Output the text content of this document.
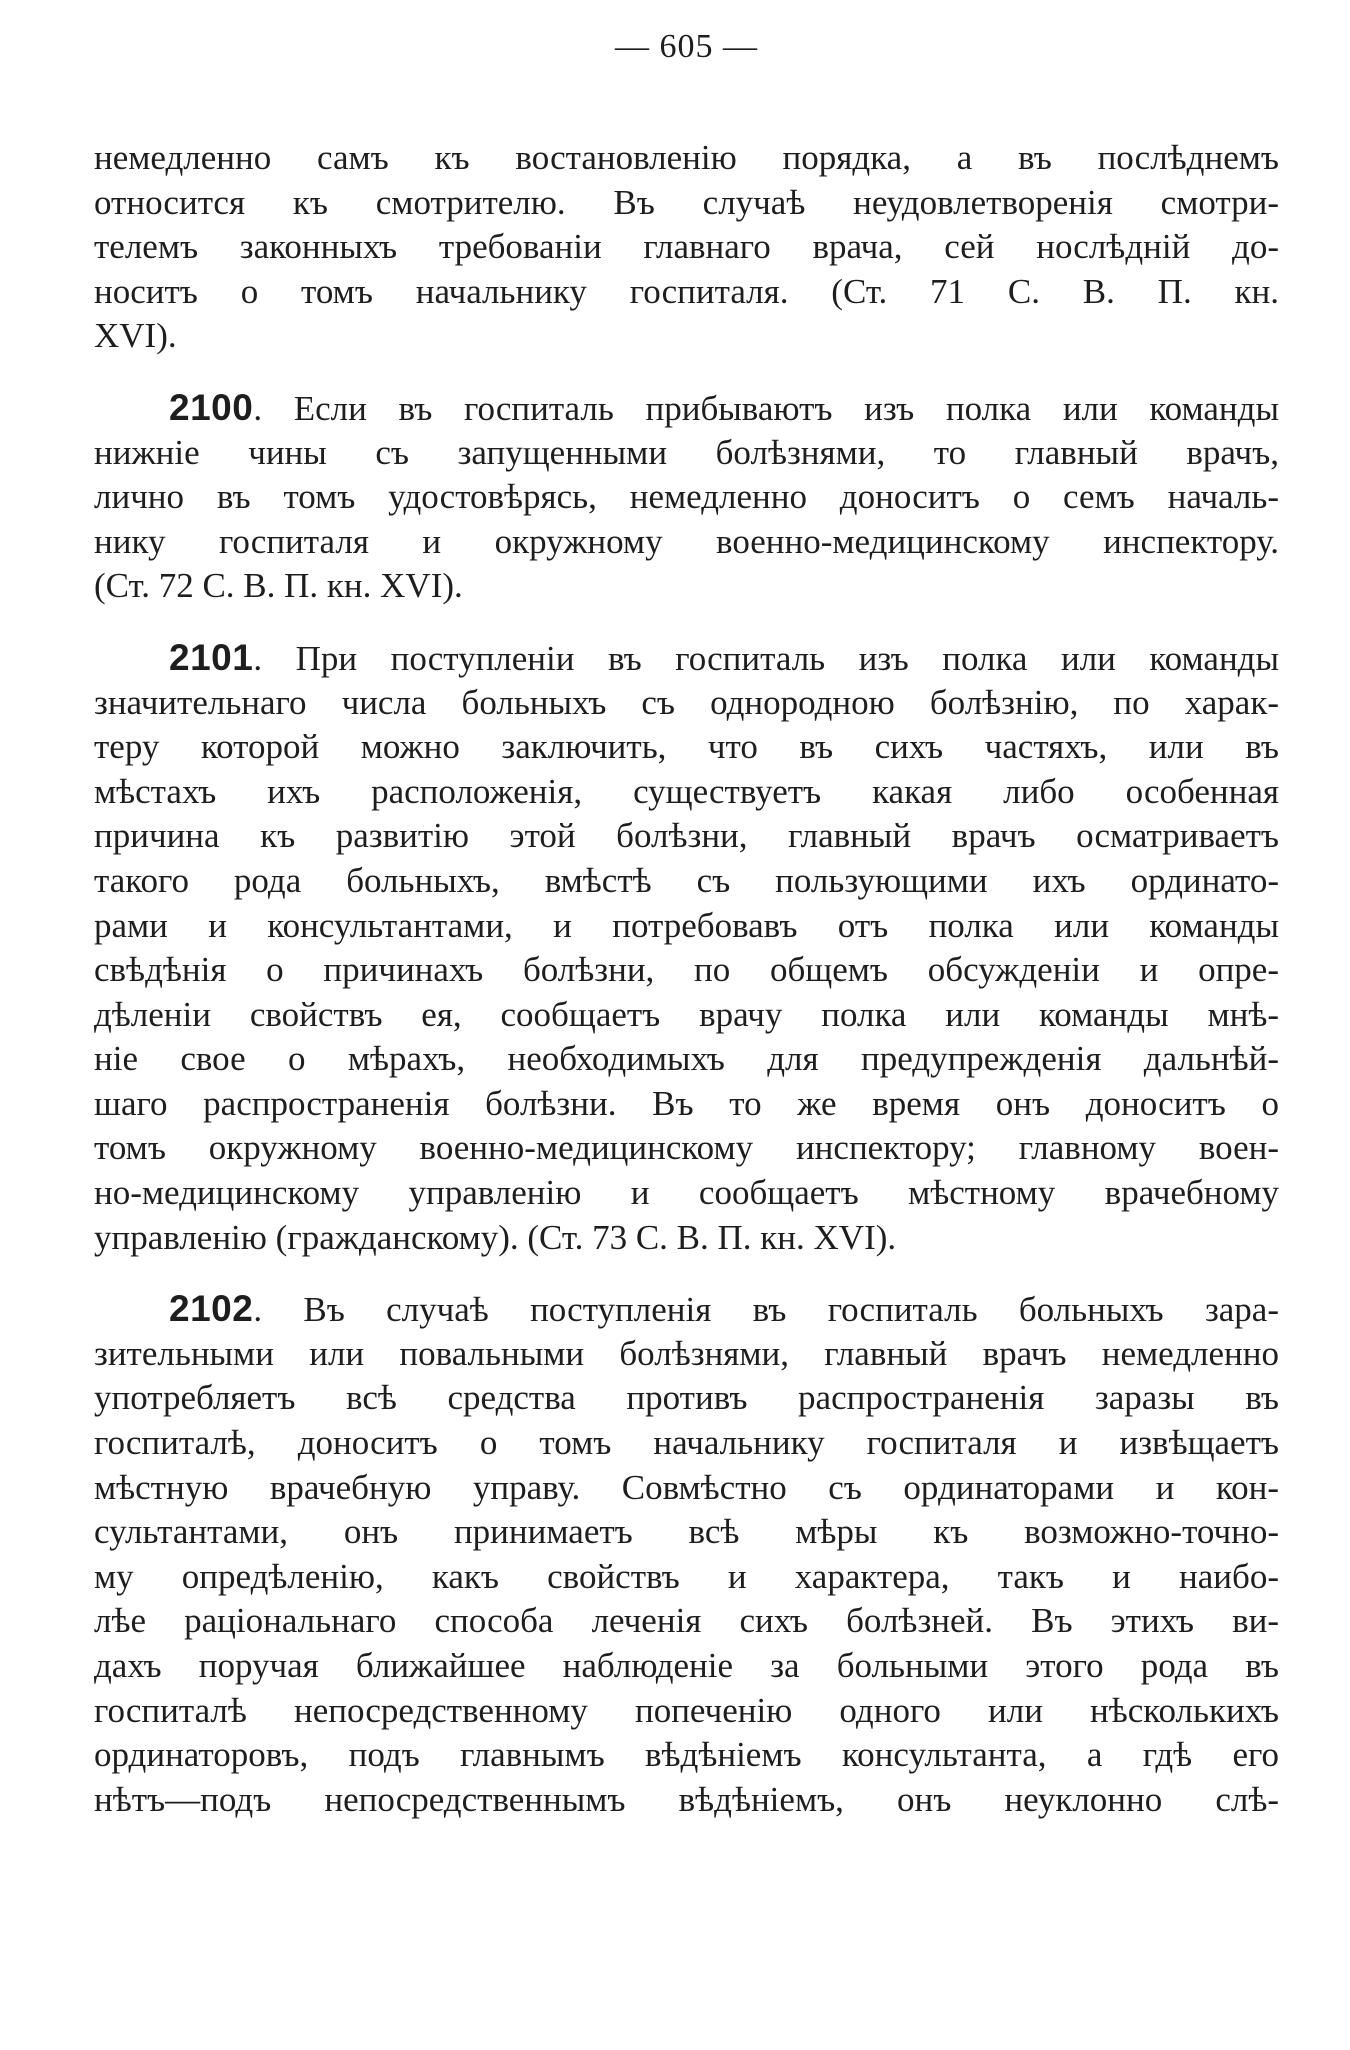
— 605 —
немедленно самъ къ востановленію порядка, а въ послѣднемъ
относится къ смотрителю. Въ случаѣ неудовлетворенія смотри-
телемъ законныхъ требованіи главнаго врача, сей нослѣднiй до-
ноcитъ о томъ начальнику госпиталя. (Ст. 71 С. В. П. кн.
XVI).
2100. Если въ госпиталь прибываютъ изъ полка или команды
нижніе чины съ запущенными болѣзнями, то главный врачъ,
лично въ томъ удостовѣрясь, немедленно доноситъ о семъ началь-
нику госпиталя и окружному военно-медицинскому инспектору.
(Ст. 72 С. В. П. кн. XVI).
2101. При поступленіи въ госпиталь изъ полка или команды
значительнаго числа больныхъ съ однородною болѣзнію, по харак-
теру которой можно заключить, что въ сихъ частяхъ, или въ
мѣстахъ ихъ расположенія, существуетъ какая либо особенная
причина къ развитію этой болѣзни, главный врачъ осматриваетъ
такого рода больныхъ, вмѣстѣ съ пользующими ихъ ординато-
рами и консультантами, и потребовавъ отъ полка или команды
свѣдѣнія о причинахъ болѣзни, по общемъ обсужденіи и опре-
дѣленіи свойствъ ея, сообщаетъ врачу полка или команды мнѣ-
ніе свое о мѣрахъ, необходимыхъ для предупрежденія дальнѣй-
шаго распространенія болѣзни. Въ то же время онъ доноситъ о
томъ окружному военно-медицинскому инспектору; главному воен-
но-медицинскому управленію и сообщаетъ мѣстному врачебному
управленію (гражданскому). (Ст. 73 С. В. П. кн. XVI).
2102. Въ случаѣ поступленія въ госпиталь больныхъ зара-
зительными или повальными болѣзнями, главный врачъ немедленно
употребляетъ всѣ средства противъ распространенія заразы въ
госпиталѣ, доноситъ о томъ начальнику госпиталя и извѣщаетъ
мѣстную врачебную управу. Совмѣстно съ ординаторами и кон-
сультантами, онъ принимаетъ всѣ мѣры къ возможно-точно-
му опредѣленію, какъ свойствъ и характера, такъ и наибо-
лѣе раціональнаго способа леченія сихъ болѣзней. Въ этихъ ви-
дахъ поручая ближайшее наблюденіе за больными этого рода въ
госпиталѣ непосредственному попеченію одного или нѣсколькихъ
ординаторовъ, подъ главнымъ вѣдѣніемъ консультанта, а гдѣ его
нѣтъ—подъ непосредственнымъ вѣдѣніемъ, онъ неуклонно слѣ-
